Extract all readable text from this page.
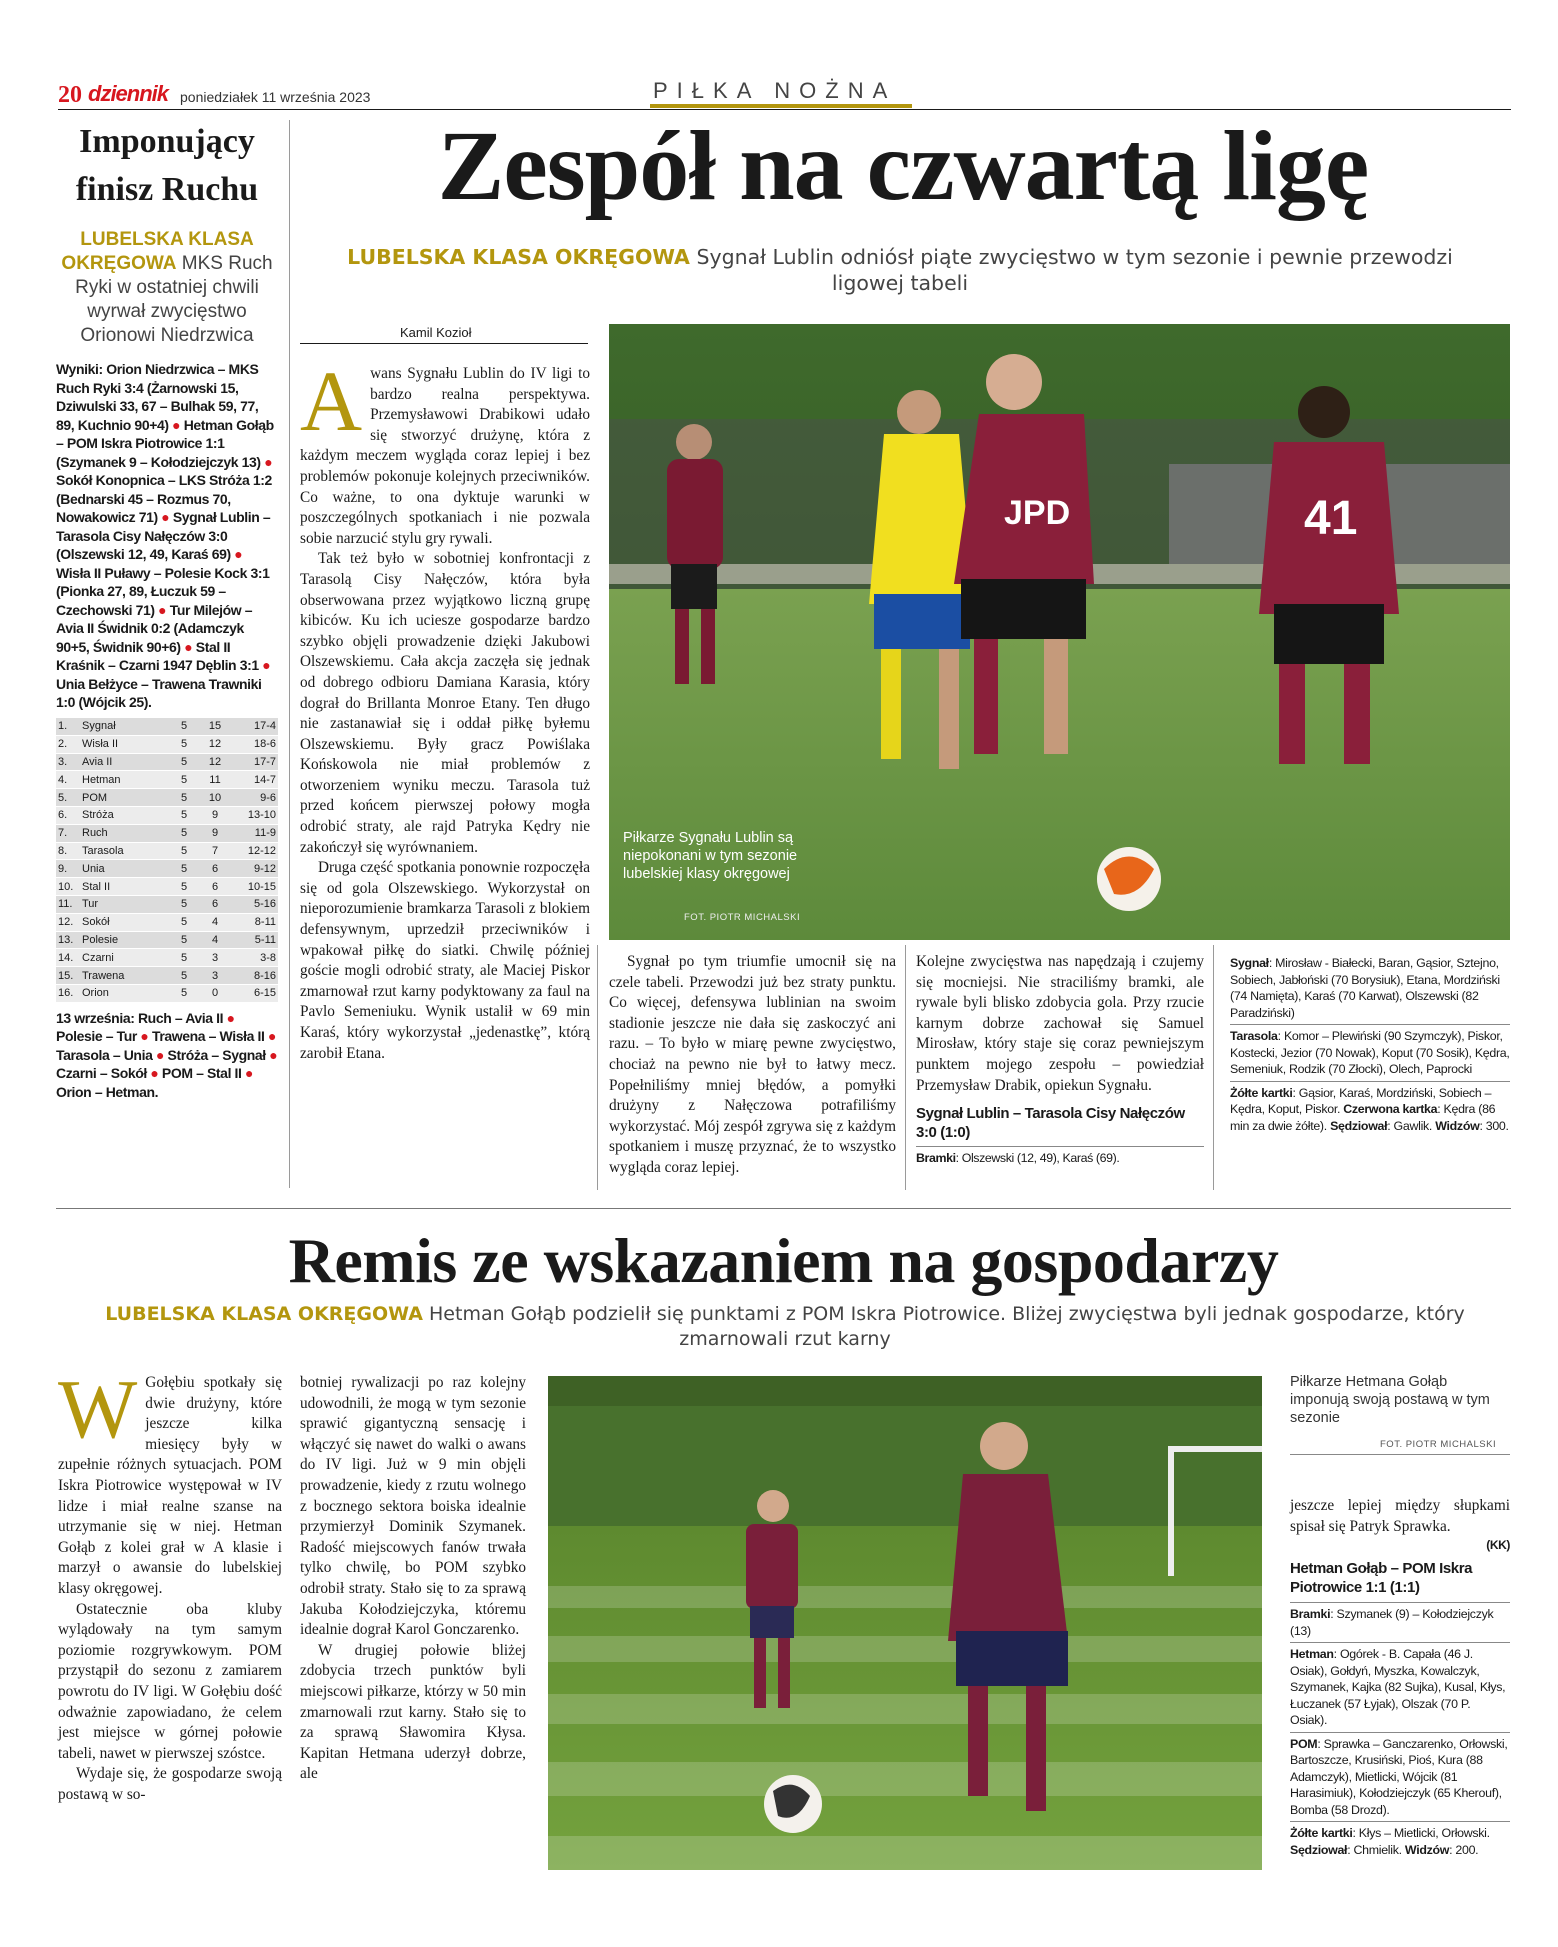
20 dziennik poniedziałek 11 września 2023	PIŁKA NOŻNA
Imponujący
finisz Ruchu
LUBELSKA KLASA OKRĘGOWA MKS Ruch Ryki w ostatniej chwili wyrwał zwycięstwo Orionowi Niedrzwica
Wyniki: Orion Niedrzwica – MKS Ruch Ryki 3:4 (Żarnowski 15, Dziwulski 33, 67 – Bulhak 59, 77, 89, Kuchnio 90+4) ● Hetman Gołąb – POM Iskra Piotrowice 1:1 (Szymanek 9 – Kołodziejczyk 13) ● Sokół Konopnica – LKS Stróża 1:2 (Bednarski 45 – Rozmus 70, Nowakowicz 71) ● Sygnał Lublin – Tarasola Cisy Nałęczów 3:0 (Olszewski 12, 49, Karaś 69) ● Wisła II Puławy – Polesie Kock 3:1 (Pionka 27, 89, Łuczuk 59 – Czechowski 71) ● Tur Milejów – Avia II Świdnik 0:2 (Adamczyk 90+5, Świdnik 90+6) ● Stal II Kraśnik – Czarni 1947 Dęblin 3:1 ● Unia Bełżyce – Trawena Trawniki 1:0 (Wójcik 25).
1.	Sygnał	5	15	17-4
2.	Wisła II	5	12	18-6
3.	Avia II	5	12	17-7
4.	Hetman	5	11	14-7
5.	POM	5	10	9-6
6.	Stróża	5	9	13-10
7.	Ruch	5	9	11-9
8.	Tarasola	5	7	12-12
9.	Unia	5	6	9-12
10.	Stal II	5	6	10-15
11.	Tur	5	6	5-16
12.	Sokół	5	4	8-11
13.	Polesie	5	4	5-11
14.	Czarni	5	3	3-8
15.	Trawena	5	3	8-16
16.	Orion	5	0	6-15
13 września: Ruch – Avia II ● Polesie – Tur ● Trawena – Wisła II ● Tarasola – Unia ● Stróża – Sygnał ● Czarni – Sokół ● POM – Stal II ● Orion – Hetman.
Zespół na czwartą ligę
LUBELSKA KLASA OKRĘGOWA Sygnał Lublin odniósł piąte zwycięstwo w tym sezonie i pewnie przewodzi ligowej tabeli
Kamil Kozioł

Awans Sygnału Lublin do IV ligi to bardzo realna perspektywa. Przemysławowi Drabikowi udało się stworzyć drużynę, która z każdym meczem wygląda coraz lepiej i bez problemów pokonuje kolejnych przeciwników. Co ważne, to ona dyktuje warunki w poszczególnych spotkaniach i nie pozwala sobie narzucić stylu gry rywali.

Tak też było w sobotniej konfrontacji z Tarasolą Cisy Nałęczów, która była obserwowana przez wyjątkowo liczną grupę kibiców. Ku ich uciesze gospodarze bardzo szybko objęli prowadzenie dzięki Jakubowi Olszewskiemu. Cała akcja zaczęła się jednak od dobrego odbioru Damiana Karasia, który dograł do Brillanta Monroe Etany. Ten długo nie zastanawiał się i oddał piłkę byłemu Olszewskiemu. Były gracz Powiślaka Końskowola nie miał problemów z otworzeniem wyniku meczu. Tarasola tuż przed końcem pierwszej połowy mogła odrobić straty, ale rajd Patryka Kędry nie zakończył się wyrównaniem.

Druga część spotkania ponownie rozpoczęła się od gola Olszewskiego. Wykorzystał on nieporozumienie bramkarza Tarasoli z blokiem defensywnym, uprzedził przeciwników i wpakował piłkę do siatki. Chwilę później goście mogli odrobić straty, ale Maciej Piskor zmarnował rzut karny podyktowany za faul na Pavlo Semeniuku. Wynik ustalił w 69 min Karaś, który wykorzystał „jedenastkę”, którą zarobił Etana.

JPD	41
Piłkarze Sygnału Lublin są niepokonani w tym sezonie lubelskiej klasy okręgowej
FOT. PIOTR MICHALSKI

Sygnał po tym triumfie umocnił się na czele tabeli. Przewodzi już bez straty punktu. Co więcej, defensywa lublinian na swoim stadionie jeszcze nie dała się zaskoczyć ani razu. – To było w miarę pewne zwycięstwo, chociaż na pewno nie był to łatwy mecz. Popełniliśmy mniej błędów, a pomyłki drużyny z Nałęczowa potrafiliśmy wykorzystać. Mój zespół zgrywa się z każdym spotkaniem i muszę przyznać, że to wszystko wygląda coraz lepiej.

Kolejne zwycięstwa nas napędzają i czujemy się mocniejsi. Nie straciliśmy bramki, ale rywale byli blisko zdobycia gola. Przy rzucie karnym dobrze zachował się Samuel Mirosław, który staje się coraz pewniejszym punktem mojego zespołu – powiedział Przemysław Drabik, opiekun Sygnału.

Sygnał Lublin – Tarasola Cisy Nałęczów 3:0 (1:0)
Bramki: Olszewski (12, 49), Karaś (69).
Sygnał: Mirosław - Białecki, Baran, Gąsior, Sztejno, Sobiech, Jabłoński (70 Borysiuk), Etana, Mordziński (74 Namięta), Karaś (70 Karwat), Olszewski (82 Paradziński)
Tarasola: Komor – Plewiński (90 Szymczyk), Piskor, Kostecki, Jezior (70 Nowak), Koput (70 Sosik), Kędra, Semeniuk, Rodzik (70 Złocki), Olech, Paprocki
Żółte kartki: Gąsior, Karaś, Mordziński, Sobiech – Kędra, Koput, Piskor. Czerwona kartka: Kędra (86 min za dwie żółte). Sędziował: Gawlik. Widzów: 300.
Remis ze wskazaniem na gospodarzy
LUBELSKA KLASA OKRĘGOWA Hetman Gołąb podzielił się punktami z POM Iskra Piotrowice. Bliżej zwycięstwa byli jednak gospodarze, który zmarnowali rzut karny

W Gołębiu spotkały się dwie drużyny, które jeszcze kilka miesięcy były w zupełnie różnych sytuacjach. POM Iskra Piotrowice występował w IV lidze i miał realne szanse na utrzymanie się w niej. Hetman Gołąb z kolei grał w A klasie i marzył o awansie do lubelskiej klasy okręgowej.

Ostatecznie oba kluby wylądowały na tym samym poziomie rozgrywkowym. POM przystąpił do sezonu z zamiarem powrotu do IV ligi. W Gołębiu dość odważnie zapowiadano, że celem jest miejsce w górnej połowie tabeli, nawet w pierwszej szóstce.

Wydaje się, że gospodarze swoją postawą w so-

botniej rywalizacji po raz kolejny udowodnili, że mogą w tym sezonie sprawić gigantyczną sensację i włączyć się nawet do walki o awans do IV ligi. Już w 9 min objęli prowadzenie, kiedy z rzutu wolnego z bocznego sektora boiska idealnie przymierzył Dominik Szymanek. Radość miejscowych fanów trwała tylko chwilę, bo POM szybko odrobił straty. Stało się to za sprawą Jakuba Kołodziejczyka, któremu idealnie dograł Karol Gonczarenko.

W drugiej połowie bliżej zdobycia trzech punktów byli miejscowi piłkarze, którzy w 50 min zmarnowali rzut karny. Stało się to za sprawą Sławomira Kłysa. Kapitan Hetmana uderzył dobrze, ale

Piłkarze Hetmana Gołąb imponują swoją postawą w tym sezonie
FOT. PIOTR MICHALSKI

jeszcze lepiej między słupkami spisał się Patryk Sprawka.

(KK)
Hetman Gołąb – POM Iskra Piotrowice 1:1 (1:1)
Bramki: Szymanek (9) – Kołodziejczyk (13)
Hetman: Ogórek - B. Capała (46 J. Osiak), Gołdyń, Myszka, Kowalczyk, Szymanek, Kajka (82 Sujka), Kusal, Kłys, Łuczanek (57 Łyjak), Olszak (70 P. Osiak).
POM: Sprawka – Ganczarenko, Orłowski, Bartoszcze, Krusiński, Pioś, Kura (88 Adamczyk), Mietlicki, Wójcik (81 Harasimiuk), Kołodziejczyk (65 Kherouf), Bomba (58 Drozd).
Żółte kartki: Kłys – Mietlicki, Orłowski. Sędziował: Chmielik. Widzów: 200.
